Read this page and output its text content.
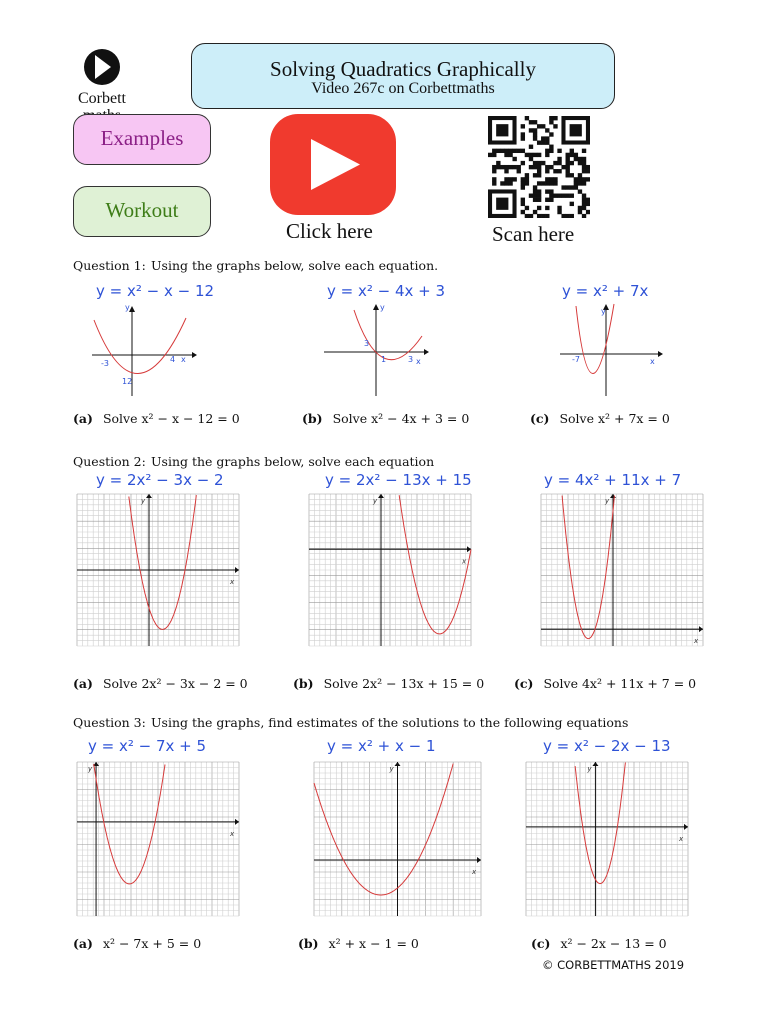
Corbett
Solving Quadratics Graphically
Video 267c on Corbettmaths
Examples
Workout
Click here	Scan here
Question 1: Using the graphs below, solve each equation.
y = x² − x − 12
y
x
-3	4
12
y = x² − 4x + 3
y
x
3
1	3
y = x² + 7x
y
x
-7
(a) Solve x² − x − 12 = 0	(b) Solve x² − 4x + 3 = 0	(c) Solve x² + 7x = 0
Question 2: Using the graphs below, solve each equation
y = 2x² − 3x − 2
y
x
y = 2x² − 13x + 15
y
x
y = 4x² + 11x + 7
y
x
(a) Solve 2x² − 3x − 2 = 0	(b) Solve 2x² − 13x + 15 = 0 (c) Solve 4x² + 11x + 7 = 0
Question 3: Using the graphs, find estimates of the solutions to the following equations
y = x² − 7x + 5
y
x
y = x² + x − 1
y
x
y = x² − 2x − 13
y
x
(a) x² − 7x + 5 = 0	(b) x² + x − 1 = 0	(c) x² − 2x − 13 = 0
© CORBETTMATHS 2019
